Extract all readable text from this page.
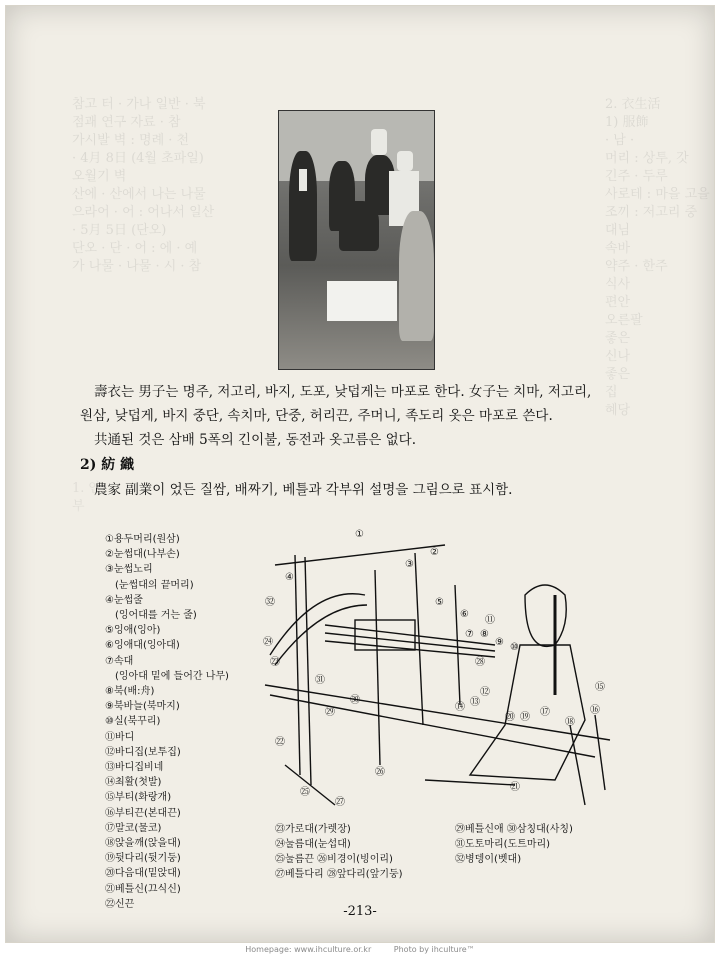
참고 터 · 가나 일반 · 북
점괘 연구 자료 · 참
가시발 벽 : 명례 · 천
· 4月 8日 (4월 초파일)
오월기 벽
산에 · 산에서 나는 나물
으라어 · 어 : 어나서 일산
· 5月 5日 (단오)
단오 · 단 · 어 : 에 · 예
가 나물 · 나물 · 시 · 참
2. 衣生活
1) 服飾
· 남 ·
머리 : 상투, 갓
긴주 · 두루
사로테 : 마을 고을
조끼 : 저고리 중
대님
속바
약주 · 한주
식사
편안
오른팔
좋은
신나
좋은
집
혜당
1. 안
부
壽衣는 男子는 명주, 저고리, 바지, 도포, 낮덥게는 마포로 한다. 女子는 치마, 저고리,
원삼, 낮덥게, 바지 중단, 속치마, 단중, 허리끈, 주머니, 족도리 옷은 마포로 쓴다.
共通된 것은 삼배 5폭의 긴이불, 동전과 옷고름은 없다.
2) 紡 織
農家 副業이 었든 질쌈, 배짜기, 베틀과 각부위 설명을 그림으로 표시함.
①용두머리(원삼)
②눈썹대(나부손)
③눈썹노리
(눈썹대의 끝머리)
④눈썹줄
(잉어대를 거는 줄)
⑤잉애(잉아)
⑥잉애대(잉아대)
⑦속대
(잉아대 밑에 들어간 나무)
⑧북(배:舟)
⑨북바늘(북마지)
⑩실(북꾸리)
⑪바디
⑫바디집(보투집)
⑬바디집비네
⑭최활(첫발)
⑮부티(화랑개)
⑯부티끈(본대끈)
⑰말코(물코)
⑱앉을깨(앉을대)
⑲뒷다리(뒷기둥)
⑳다음대(밑앉대)
㉑베틀신(끄식신)
㉒신끈
①
②
③
④
⑤
⑥
⑦ ⑧
⑨ ⑩
⑪
⑫
⑬
⑭
⑮
⑯
⑰
⑱
⑲
⑳
㉑
㉒
㉓
㉔
㉕
㉖
㉗
㉘
㉙
㉚
㉛
㉜
㉓가로대(가렛장)
㉔눌름대(눈섭대)
㉕눌름끈 ㉖비경이(빙이리)
㉗베틀다리 ㉘앞다리(앞기둥)
㉙베틀신애 ㉚삼칭대(사칭)
㉛도토마리(도트마리)
㉜병뎅이(벳대)
-213-
Homepage: www.ihculture.or.kr	Photo by ihculture™
